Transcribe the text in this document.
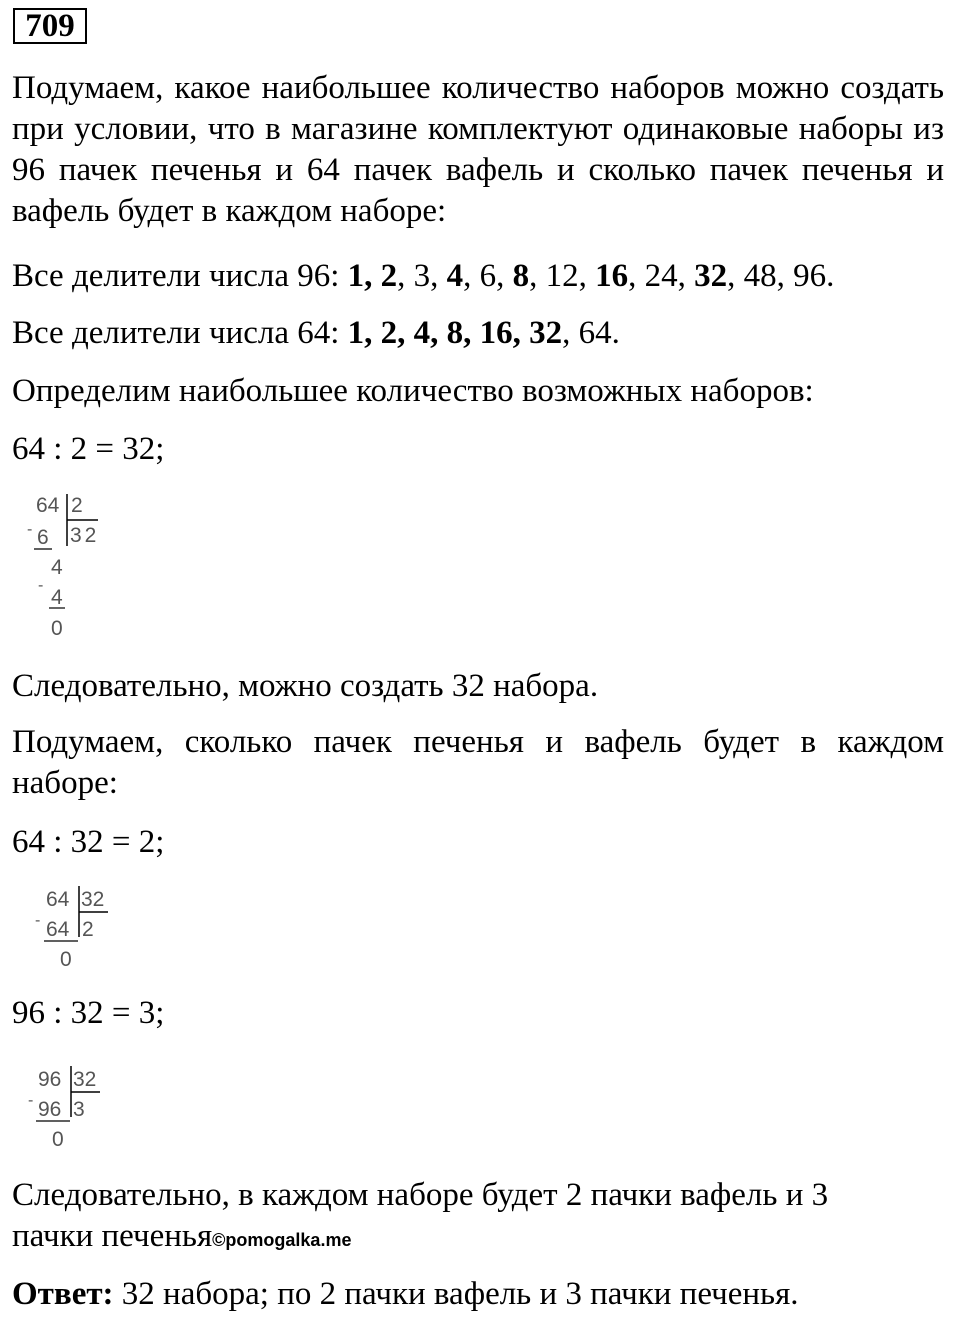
709

Подумаем, какое наибольшее количество наборов можно создать при условии, что в магазине комплектуют одинаковые наборы из 96 пачек печенья и 64 пачек вафель и сколько пачек печенья и вафель будет в каждом наборе:

Все делители числа 96: 1, 2, 3, 4, 6, 8, 12, 16, 24, 32, 48, 96.

Все делители числа 64: 1, 2, 4, 8, 16, 32, 64.

Определим наибольшее количество возможных наборов:

64 : 2 = 32;

64 2
32
- 6
4
-
4
0

Следовательно, можно создать 32 набора.

Подумаем, сколько пачек печенья и вафель будет в каждом наборе:

64 : 32 = 2;

64 32
- 64 2
0

96 : 32 = 3;

96 32
- 96 3
0

Следовательно, в каждом наборе будет 2 пачки вафель и 3

пачки печенья©pomogalka.me

Ответ: 32 набора; по 2 пачки вафель и 3 пачки печенья.
